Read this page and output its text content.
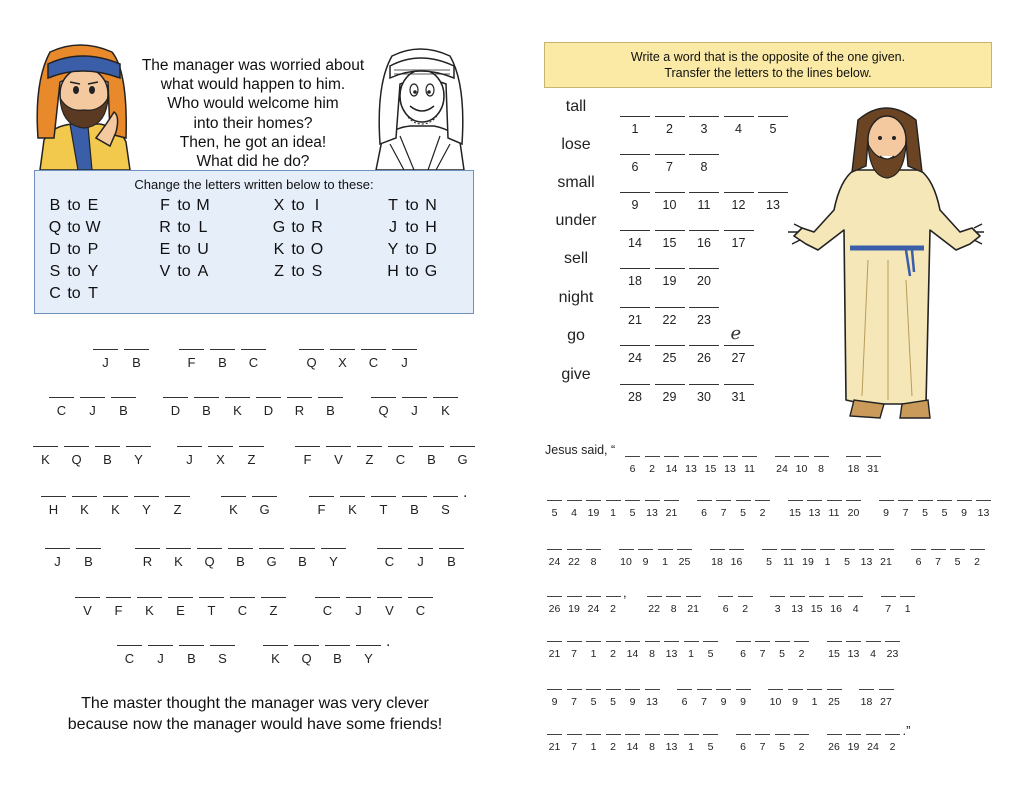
The manager was worried about
what would happen to him.
Who would welcome him
into their homes?
Then, he got an idea!
What did he do?
Change the letters written below to these:
B to E	F to M	X to I	T to N
Q to W	R to L	G to R	J to H
D to P	E to U	K to O	Y to D
S to Y	V to A	Z to S	H to G
C to T
J B	F B C	Q X C J
C J B	D B K D R B	Q J K
K Q B Y	J X Z	F V Z C B G
H K K Y Z	K G	F K T B S
.
J B	R K Q B G B Y	C J B
V F K E T C Z	C J V C
C J B S	K Q B Y
.
The master thought the manager was very clever
because now the manager would have some friends!
Write a word that is the opposite of the one given.
Transfer the letters to the lines below.
tall
1 2 3 4 5
lose
6 7 8
small
9 10 11 12 13
under
14 15 16 17
sell
18 19 20
night
21 22 23
go
24 25 26
e
27
give
28 29 30 31
Jesus said, “
6 2 14 13 15 13 11 24 10 8 18 31
5 4 19 1 5 13 21 6 7 5 2 15 13 11 20 9 7 5 5 9 13
24 22 8 10 9 1 25 18 16 5 11 19 1 5 13 21 6 7 5 2
26 19 24 2
,
22 8 21 6 2	3 13 15 16 4	7 1
21 7 1 2 14 8 13 1 5	6 7 5 2 15 13 4 23
9 7 5 5 9 13 6 7 9 9 10 9 1 25 18 27
21 7 1 2 14 8 13 1 5	6 7 5 2 26 19 24 2
.”
